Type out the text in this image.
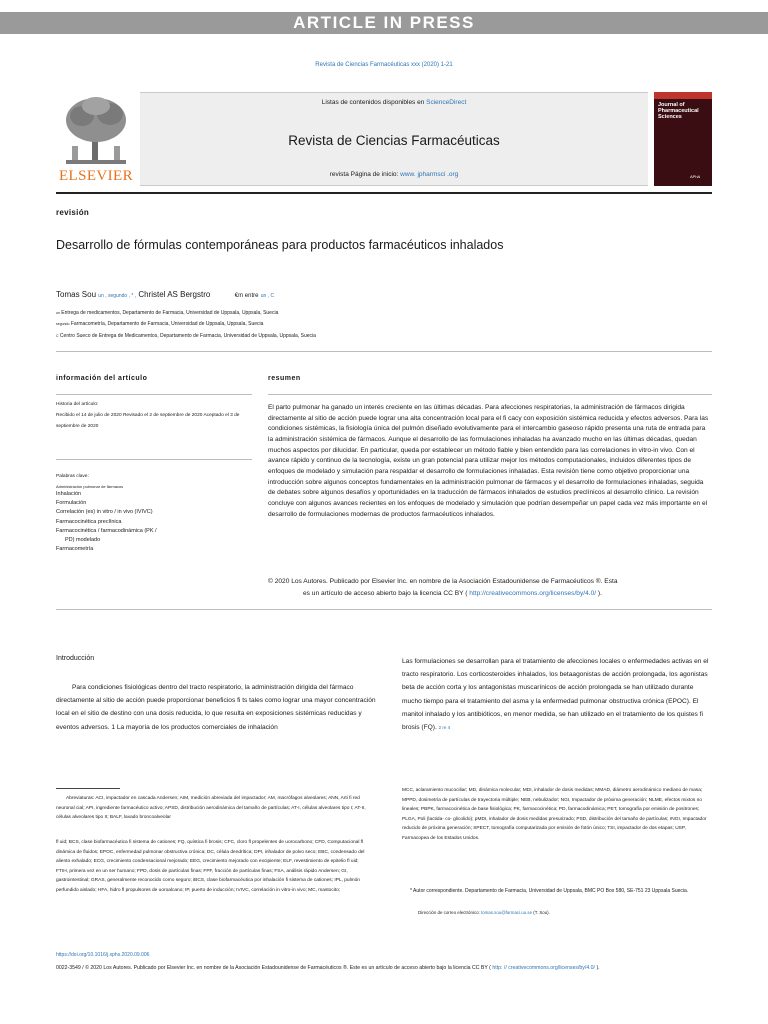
ARTICLE IN PRESS
Revista de Ciencias Farmacéuticas xxx (2020) 1-21
ELSEVIER
Listas de contenidos disponibles en ScienceDirect
Revista de Ciencias Farmacéuticas
revista Página de inicio: www. jpharmsci .org
Journal of Pharmaceutical Sciences
APhA
revisión
Desarrollo de fórmulas contemporáneas para productos farmacéuticos inhalados
Tomas Sou un , segundo , * , Christel AS Bergstro	€m entre un , C
un Entrega de medicamentos, Departamento de Farmacia, Universidad de Uppsala, Uppsala, Suecia
segundo Farmacometría, Departamento de Farmacia, Universidad de Uppsala, Uppsala, Suecia
C Centro Sueco de Entrega de Medicamentos, Departamento de Farmacia, Universidad de Uppsala, Uppsala, Suecia
información del artículo
Historia del artículo:
Recibido el 14 de julio de 2020 Revisado el 2 de septiembre de 2020 Aceptado el 3 de septiembre de 2020
Palabras clave:
Administración pulmonar de fármacos
Inhalación
Formulación
Correlación (es) in vitro / in vivo (IVIVC)
Farmacocinética preclínica
Farmacocinética / farmacodinámica (PK /
PD) modelado
Farmacometría
resumen
El parto pulmonar ha ganado un interés creciente en las últimas décadas. Para afecciones respiratorias, la administración de fármacos dirigida directamente al sitio de acción puede lograr una alta concentración local para el fi cacy con exposición sistémica reducida y efectos adversos. Para las condiciones sistémicas, la fisiología única del pulmón diseñado evolutivamente para el intercambio gaseoso rápido presenta una ruta de entrada para la administración sistémica de fármacos. Aunque el desarrollo de las formulaciones inhaladas ha avanzado mucho en las últimas décadas, quedan muchos aspectos por dilucidar. En particular, queda por establecer un método fiable y bien entendido para las correlaciones in vitro-in vivo. Con el avance rápido y continuo de la tecnología, existe un gran potencial para utilizar mejor los métodos computacionales, incluidos diferentes tipos de enfoques de modelado y simulación para respaldar el desarrollo de formulaciones inhaladas. Esta revisión tiene como objetivo proporcionar una introducción sobre algunos conceptos fundamentales en la administración pulmonar de fármacos y el desarrollo de formulaciones inhaladas, seguida de debates sobre algunos desafíos y oportunidades en la traducción de fármacos inhalados de estudios preclínicos al desarrollo clínico. La revisión concluye con algunos avances recientes en los enfoques de modelado y simulación que podrían desempeñar un papel cada vez más importante en el desarrollo de formulaciones modernas de productos farmacéuticos inhalados.
© 2020 Los Autores. Publicado por Elsevier Inc. en nombre de la Asociación Estadounidense de Farmacéuticos ®. Esta
es un artículo de acceso abierto bajo la licencia CC BY ( http://creativecommons.org/licenses/by/4.0/ ).
Introducción
Para condiciones fisiológicas dentro del tracto respiratorio, la administración dirigida del fármaco directamente al sitio de acción puede proporcionar beneficios fi ts tales como lograr una mayor concentración local en el sitio de destino con una dosis reducida, lo que resulta en exposiciones sistémicas reducidas y eventos adversos. 1 La mayoría de los productos comerciales de inhalación
Las formulaciones se desarrollan para el tratamiento de afecciones locales o enfermedades activas en el tracto respiratorio. Los corticosteroides inhalados, los betaagonistas de acción prolongada, los agonistas beta de acción corta y los antagonistas muscarínicos de acción prolongada se han utilizado durante mucho tiempo para el tratamiento del asma y la enfermedad pulmonar obstructiva crónica (EPOC). El manitol inhalado y los antibióticos, en menor medida, se han utilizado en el tratamiento de los quistes fi brosis (FQ). 2 re 4
Abreviaturas: ACI, impactador en cascada Andersen; AIM, medición abreviada del impactador; AM, macrófagos alveolares; ANN, Arti fi red neuronal cial; API, ingrediente farmacéutico activo; APSD, distribución aerodinámica del tamaño de partículas; AT-I, células alveolares tipo I; AT-II, células alveolares tipo II; BALF, lavado broncoalveolar
fl uid; BCS, clase biofarmacéutica fi sistema de cationes; FQ, quística fi brosis; CFC, cloro fl propelentes de uorocarbono; CFD, Computacional fl dinámica de fluidos; EPOC, enfermedad pulmonar obstructiva crónica; DC, célula dendrítica; DPI, inhalador de polvo seco; EBC, condensado del aliento exhalado; ECG, crecimiento condensacional mejorado; EEG, crecimiento mejorado con excipiente; ELF, revestimiento de epitelio fl uid; FTIH, primera vez en un ser humano; FPD, dosis de partículas finas; FPF, fracción de partículas finas; FSA, análisis rápido Andersen; GI, gastrointestinal; GRAS, generalmente reconocido como seguro; iBCS, clase biofarmacéutica por inhalación fi sistema de cationes; IPL, pulmón perfundido aislado; HFA, hidro fl propulsores de uoroalcano; IP, puerto de inducción; IVIVC, correlación in vitro-in vivo; MC, mastocito;
MCC, aclaramiento mucociliar; MD, dinámica molecular; MDI, inhalador de dosis medidas; MMAD, diámetro aerodinámico mediano de masa; MPPD, dosimetría de partículas de trayectoria múltiple; NEB, nebulizador; NGI, Impactador de próxima generación; NLME, efectos mixtos no lineales; PBPK, farmacocinética de base fisiológica; PK, farmacocinética; PD, farmacodinámica; PET, tomografía por emisión de positrones; PLGA, Poli (lactida- co- glicolido); pMDI, inhalador de dosis medidas presurizado; PSD, distribución del tamaño de partículas; rNGI, Impactador reducido de próxima generación; SPECT, tomografía computarizada por emisión de fotón único; TSI, impactador de dos etapas; USP, Farmacopea de los Estados Unidos.
* Autor correspondiente. Departamento de Farmacia, Universidad de Uppsala, BMC PO Box 580, SE-751 23 Uppsala Suecia.
Dirección de correo electrónico: tomas.sou@farmaci.uu.se (T. Sou).
https://doi.org/10.1016/j.xphs.2020.09.006
0022-3549 / © 2020 Los Autores. Publicado por Elsevier Inc. en nombre de la Asociación Estadounidense de Farmacéuticos ®. Este es un artículo de acceso abierto bajo la licencia CC BY ( http: // creativecommons.org/licenses/by/4.0/ ).
